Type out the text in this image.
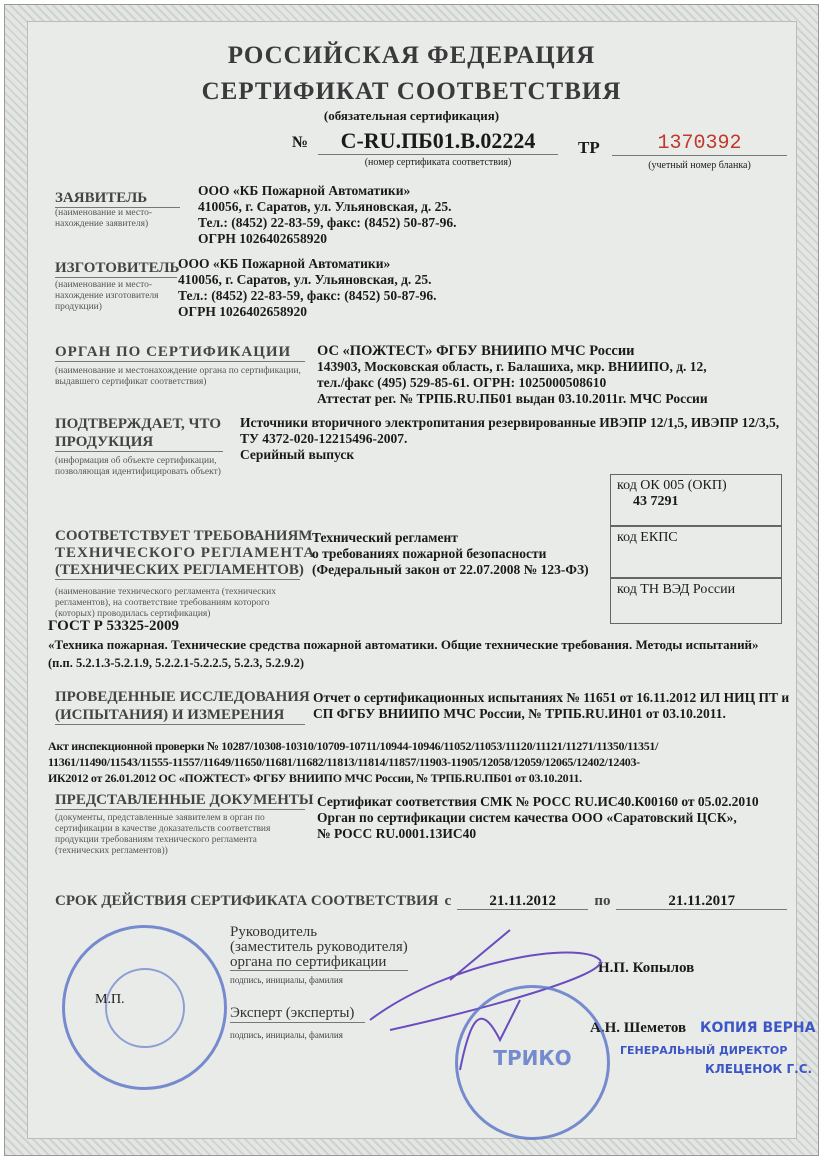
РОССИЙСКАЯ ФЕДЕРАЦИЯ
СЕРТИФИКАТ СООТВЕТСТВИЯ
(обязательная сертификация)
№	C-RU.ПБ01.В.02224
(номер сертификата соответствия)
ТР	1370392
(учетный номер бланка)
ЗАЯВИТЕЛЬ
(наименование и место-нахождение заявителя)
ООО «КБ Пожарной Автоматики»
410056, г. Саратов, ул. Ульяновская, д. 25.
Тел.: (8452) 22-83-59, факс: (8452) 50-87-96.
ОГРН 1026402658920
ИЗГОТОВИТЕЛЬ
(наименование и место-нахождение изготовителя продукции)
ООО «КБ Пожарной Автоматики»
410056, г. Саратов, ул. Ульяновская, д. 25.
Тел.: (8452) 22-83-59, факс: (8452) 50-87-96.
ОГРН 1026402658920
ОРГАН ПО СЕРТИФИКАЦИИ
(наименование и местонахождение органа по сертификации, выдавшего сертификат соответствия)
ОС «ПОЖТЕСТ» ФГБУ ВНИИПО МЧС России
143903, Московская область, г. Балашиха, мкр. ВНИИПО, д. 12,
тел./факс (495) 529-85-61. ОГРН: 1025000508610
Аттестат рег. № ТРПБ.RU.ПБ01 выдан 03.10.2011г. МЧС России
ПОДТВЕРЖДАЕТ, ЧТО
ПРОДУКЦИЯ
(информация об объекте сертификации, позволяющая идентифицировать объект)
Источники вторичного электропитания резервированные ИВЭПР 12/1,5, ИВЭПР 12/3,5,
ТУ 4372-020-12215496-2007.
Серийный выпуск
код ОК 005 (ОКП)
43 7291
код ЕКПС
код ТН ВЭД России
СООТВЕТСТВУЕТ ТРЕБОВАНИЯМ
ТЕХНИЧЕСКОГО РЕГЛАМЕНТА
(ТЕХНИЧЕСКИХ РЕГЛАМЕНТОВ)
Технический регламент
о требованиях пожарной безопасности
(Федеральный закон от 22.07.2008 № 123-ФЗ)
(наименование технического регламента (технических регламентов), на соответствие требованиям которого (которых) проводилась сертификация)
ГОСТ Р 53325-2009
«Техника пожарная. Технические средства пожарной автоматики. Общие технические требования. Методы испытаний»
(п.п. 5.2.1.3-5.2.1.9, 5.2.2.1-5.2.2.5, 5.2.3, 5.2.9.2)
ПРОВЕДЕННЫЕ ИССЛЕДОВАНИЯ
(ИСПЫТАНИЯ) И ИЗМЕРЕНИЯ
Отчет о сертификационных испытаниях № 11651 от 16.11.2012 ИЛ НИЦ ПТ и
СП ФГБУ ВНИИПО МЧС России, № ТРПБ.RU.ИН01 от 03.10.2011.
Акт инспекционной проверки № 10287/10308-10310/10709-10711/10944-10946/11052/11053/11120/11121/11271/11350/11351/
11361/11490/11543/11555-11557/11649/11650/11681/11682/11813/11814/11857/11903-11905/12058/12059/12065/12402/12403-
ИК2012 от 26.01.2012 ОС «ПОЖТЕСТ» ФГБУ ВНИИПО МЧС России, № ТРПБ.RU.ПБ01 от 03.10.2011.
ПРЕДСТАВЛЕННЫЕ ДОКУМЕНТЫ
(документы, представленные заявителем в орган по сертификации в качестве доказательств соответствия продукции требованиям технического регламента (технических регламентов))
Сертификат соответствия СМК № РОСС RU.ИС40.К00160 от 05.02.2010
Орган по сертификации систем качества ООО «Саратовский ЦСК»,
№ РОСС RU.0001.13ИС40
СРОК ДЕЙСТВИЯ СЕРТИФИКАТА СООТВЕТСТВИЯ с	21.11.2012	по	21.11.2017
М.П.
Руководитель
(заместитель руководителя)
органа по сертификации
подпись, инициалы, фамилия
Н.П. Копылов
Эксперт (эксперты)
подпись, инициалы, фамилия	А.Н. Шеметов
ТРИКО
КОПИЯ ВЕРНА
ГЕНЕРАЛЬНЫЙ ДИРЕКТОР
КЛЕЦЕНОК Г.С.
